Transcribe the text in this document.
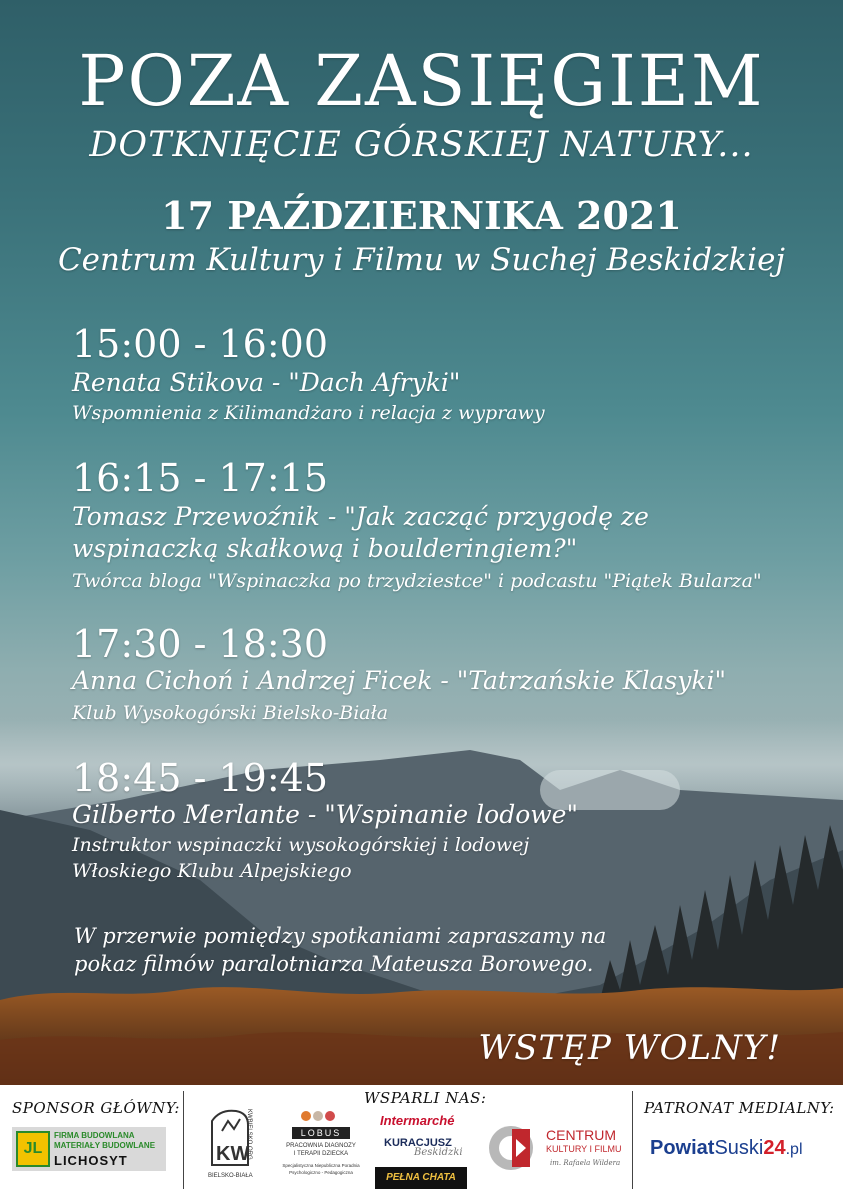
POZA ZASIĘGIEM
DOTKNIĘCIE GÓRSKIEJ NATURY...
17 PAŹDZIERNIKA 2021
Centrum Kultury i Filmu w Suchej Beskidzkiej
15:00 - 16:00
Renata Stikova - "Dach Afryki"
Wspomnienia z Kilimandżaro i relacja z wyprawy
16:15 - 17:15
Tomasz Przewoźnik - "Jak zacząć przygodę ze
wspinaczką skałkową i boulderingiem?"
Twórca bloga "Wspinaczka po trzydziestce" i podcastu "Piątek Bularza"
17:30 - 18:30
Anna Cichoń i Andrzej Ficek - "Tatrzańskie Klasyki"
Klub Wysokogórski Bielsko-Biała
18:45 - 19:45
Gilberto Merlante - "Wspinanie lodowe"
Instruktor wspinaczki wysokogórskiej i lodowej
Włoskiego Klubu Alpejskiego
W przerwie pomiędzy spotkaniami zapraszamy na
pokaz filmów paralotniarza Mateusza Borowego.
WSTĘP WOLNY!
SPONSOR GŁÓWNY:
WSPARLI NAS:
PATRONAT MEDIALNY:
JL
FIRMA BUDOWLANA
MATERIAŁY BUDOWLANE
LICHOSYT	KW
KWBIELSKO.ORG
BIELSKO-BIAŁA
LOBUS
PRACOWNIA DIAGNOZY
I TERAPII DZIECKA
Specjalistyczna Niepubliczna Poradnia
Psychologiczno - Pedagogiczna
Intermarché
KURACJUSZ
Beskidzki
PEŁNA CHATA
CENTRUM
KULTURY I FILMU
im. Rafaela Wildera
PowiatSuski24.pl
